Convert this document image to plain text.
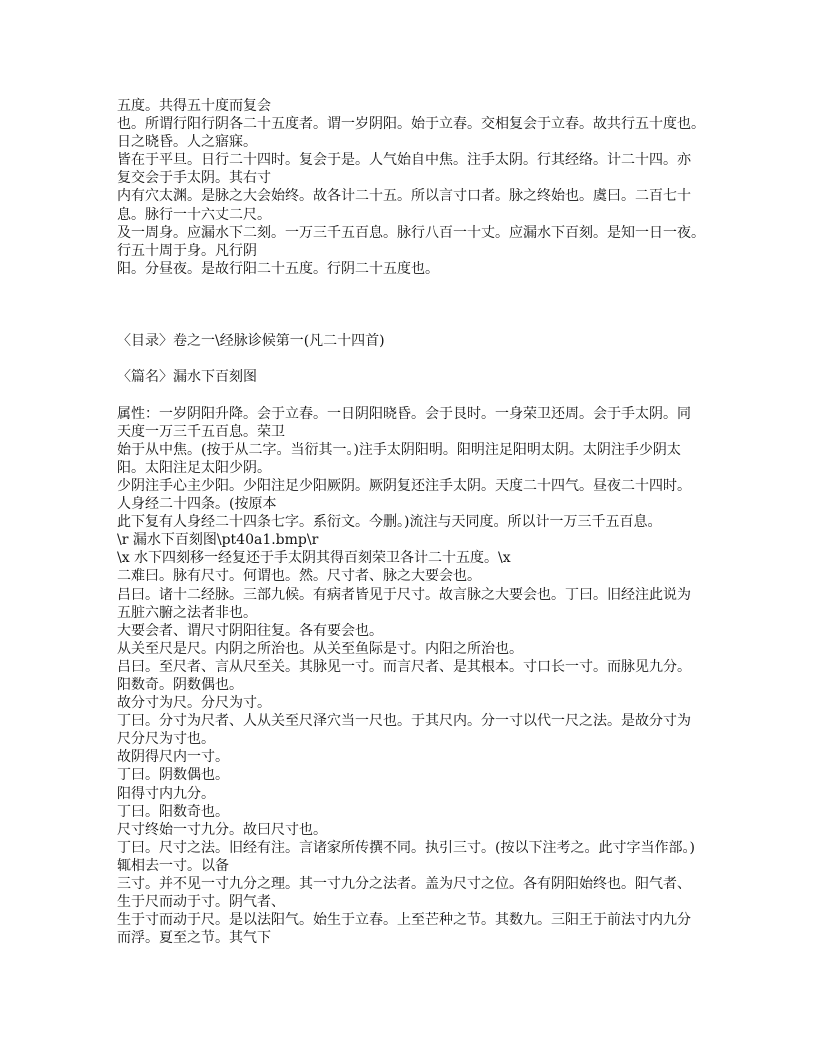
五度。共得五十度而复会
也。所谓行阳行阴各二十五度者。谓一岁阴阳。始于立春。交相复会于立春。故共行五十度也。
日之晓昏。人之寤寐。
皆在于平旦。日行二十四时。复会于是。人气始自中焦。注手太阴。行其经络。计二十四。亦
复交会于手太阴。其右寸
内有穴太渊。是脉之大会始终。故各计二十五。所以言寸口者。脉之终始也。虞曰。二百七十
息。脉行一十六丈二尺。
及一周身。应漏水下二刻。一万三千五百息。脉行八百一十丈。应漏水下百刻。是知一日一夜。
行五十周于身。凡行阴
阳。分昼夜。是故行阳二十五度。行阴二十五度也。
〈目录〉卷之一\经脉诊候第一(凡二十四首)
〈篇名〉漏水下百刻图
属性：一岁阴阳升降。会于立春。一日阴阳晓昏。会于艮时。一身荣卫还周。会于手太阴。同
天度一万三千五百息。荣卫
始于从中焦。(按于从二字。当衍其一。)注手太阴阳明。阳明注足阳明太阴。太阴注手少阴太
阳。太阳注足太阳少阴。
少阴注手心主少阳。少阳注足少阳厥阴。厥阴复还注手太阴。天度二十四气。昼夜二十四时。
人身经二十四条。(按原本
此下复有人身经二十四条七字。系衍文。今删。)流注与天同度。所以计一万三千五百息。
\r 漏水下百刻图\pt40a1.bmp\r
\x 水下四刻移一经复还于手太阴其得百刻荣卫各计二十五度。\x
二难曰。脉有尺寸。何谓也。然。尺寸者、脉之大要会也。
吕曰。诸十二经脉。三部九候。有病者皆见于尺寸。故言脉之大要会也。丁曰。旧经注此说为
五脏六腑之法者非也。
大要会者、谓尺寸阴阳往复。各有要会也。
从关至尺是尺。内阴之所治也。从关至鱼际是寸。内阳之所治也。
吕曰。至尺者、言从尺至关。其脉见一寸。而言尺者、是其根本。寸口长一寸。而脉见九分。
阳数奇。阴数偶也。
故分寸为尺。分尺为寸。
丁曰。分寸为尺者、人从关至尺泽穴当一尺也。于其尺内。分一寸以代一尺之法。是故分寸为
尺分尺为寸也。
故阴得尺内一寸。
丁曰。阴数偶也。
阳得寸内九分。
丁曰。阳数奇也。
尺寸终始一寸九分。故曰尺寸也。
丁曰。尺寸之法。旧经有注。言诸家所传撰不同。执引三寸。(按以下注考之。此寸字当作部。)
辄相去一寸。以备
三寸。并不见一寸九分之理。其一寸九分之法者。盖为尺寸之位。各有阴阳始终也。阳气者、
生于尺而动于寸。阴气者、
生于寸而动于尺。是以法阳气。始生于立春。上至芒种之节。其数九。三阳王于前法寸内九分
而浮。夏至之节。其气下
